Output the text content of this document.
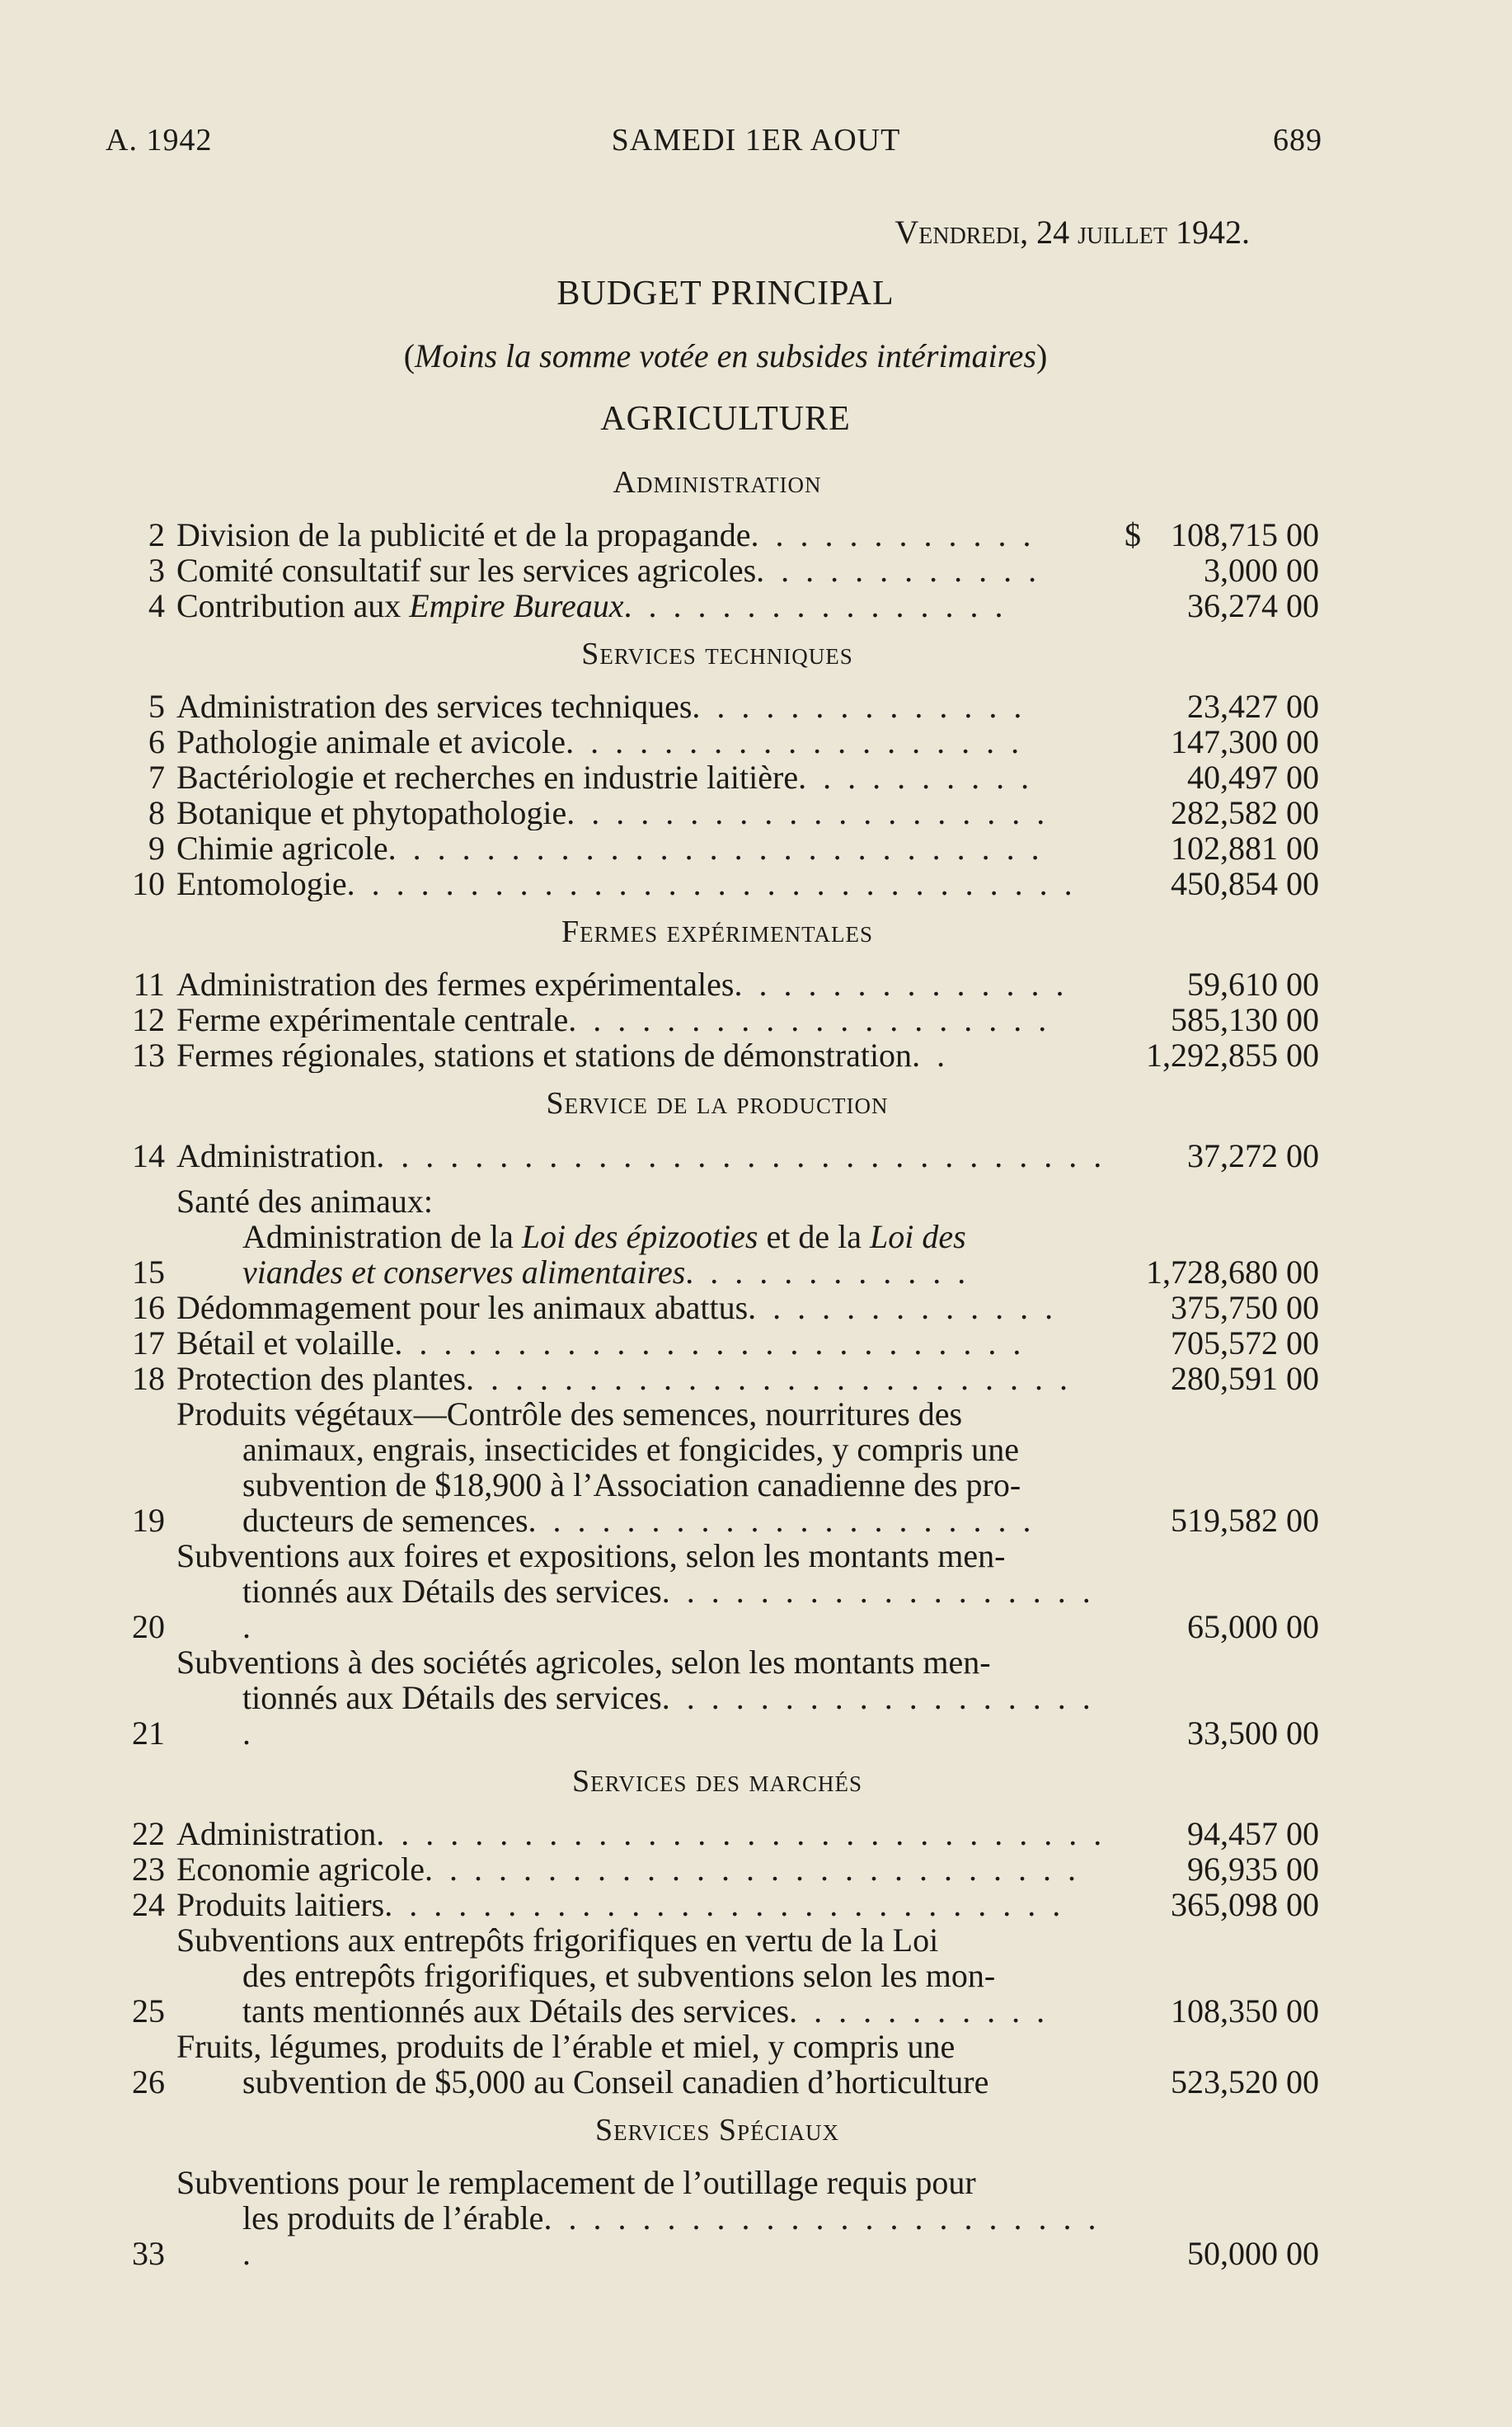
A. 1942	SAMEDI 1ER AOUT	689
Vendredi, 24 juillet 1942.
BUDGET PRINCIPAL
(Moins la somme votée en subsides intérimaires)
AGRICULTURE
Administration
2 Division de la publicité et de la propagande. . . . . . . . . . . .	$ 108,715 00
3 Comité consultatif sur les services agricoles. . . . . . . . . . . .	3,000 00
4 Contribution aux Empire Bureaux. . . . . . . . . . . . . . . .	36,274 00
Services techniques
5 Administration des services techniques. . . . . . . . . . . . . .	23,427 00
6 Pathologie animale et avicole. . . . . . . . . . . . . . . . . . .	147,300 00
7 Bactériologie et recherches en industrie laitière. . . . . . . . . .	40,497 00
8 Botanique et phytopathologie. . . . . . . . . . . . . . . . . . . .	282,582 00
9 Chimie agricole. . . . . . . . . . . . . . . . . . . . . . . . . . .	102,881 00
10 Entomologie. . . . . . . . . . . . . . . . . . . . . . . . . . . . . .	450,854 00
Fermes expérimentales
11 Administration des fermes expérimentales. . . . . . . . . . . . . .	59,610 00
12 Ferme expérimentale centrale. . . . . . . . . . . . . . . . . . . .	585,130 00
13 Fermes régionales, stations et stations de démonstration. .	1,292,855 00
Service de la production
14 Administration. . . . . . . . . . . . . . . . . . . . . . . . . . . . . .	37,272 00
Santé des animaux:
15
Administration de la Loi des épizooties et de la Loi des
viandes et conserves alimentaires. . . . . . . . . . . .	1,728,680 00
16 Dédommagement pour les animaux abattus. . . . . . . . . . . . .	375,750 00
17 Bétail et volaille. . . . . . . . . . . . . . . . . . . . . . . . . .	705,572 00
18 Protection des plantes. . . . . . . . . . . . . . . . . . . . . . . . .	280,591 00
19
Produits végétaux—Contrôle des semences, nourritures des
animaux, engrais, insecticides et fongicides, y compris une
subvention de $18,900 à l’Association canadienne des pro-
ducteurs de semences. . . . . . . . . . . . . . . . . . . . .	519,582 00
20
Subventions aux foires et expositions, selon les montants men-
tionnés aux Détails des services. . . . . . . . . . . . . . . . . . .	65,000 00
21
Subventions à des sociétés agricoles, selon les montants men-
tionnés aux Détails des services. . . . . . . . . . . . . . . . . . .	33,500 00
Services des marchés
22 Administration. . . . . . . . . . . . . . . . . . . . . . . . . . . . . .	94,457 00
23 Economie agricole. . . . . . . . . . . . . . . . . . . . . . . . . . .	96,935 00
24 Produits laitiers. . . . . . . . . . . . . . . . . . . . . . . . . . . .	365,098 00
25
Subventions aux entrepôts frigorifiques en vertu de la Loi
des entrepôts frigorifiques, et subventions selon les mon-
tants mentionnés aux Détails des services. . . . . . . . . . .	108,350 00
26
Fruits, légumes, produits de l’érable et miel, y compris une
subvention de $5,000 au Conseil canadien d’horticulture	523,520 00
Services Spéciaux
33
Subventions pour le remplacement de l’outillage requis pour
les produits de l’érable. . . . . . . . . . . . . . . . . . . . . . . .	50,000 00
